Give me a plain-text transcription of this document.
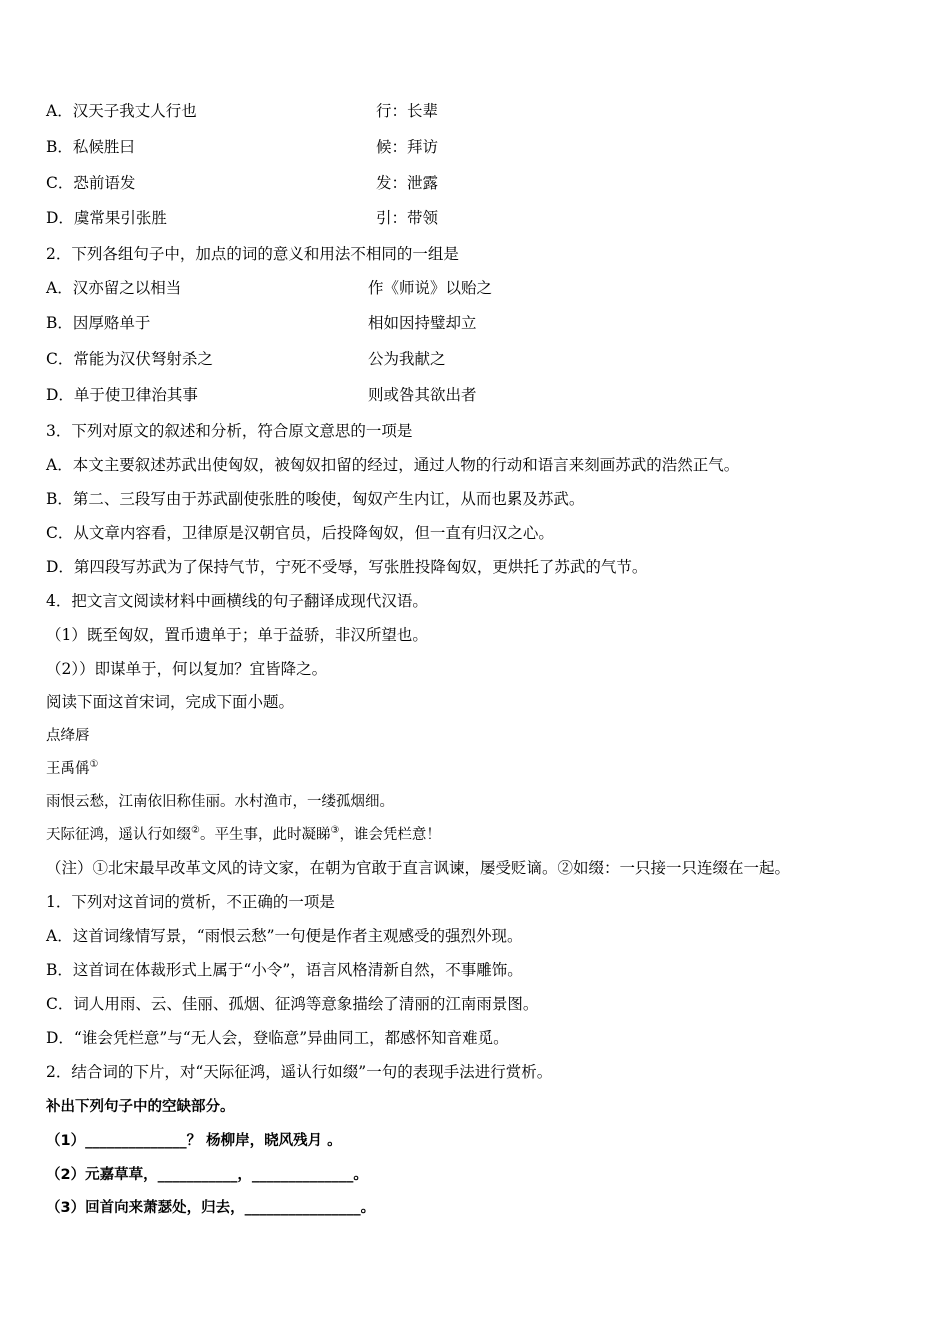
A．汉天子我丈人行也	行：长辈
B．私候胜曰	候：拜访
C．恐前语发	发：泄露
D．虞常果引张胜	引：带领
2．下列各组句子中，加点的词的意义和用法不相同的一组是
A．汉亦留之以相当	作《师说》以贻之
B．因厚赂单于	相如因持璧却立
C．常能为汉伏弩射杀之	公为我献之
D．单于使卫律治其事	则或咎其欲出者
3．下列对原文的叙述和分析，符合原文意思的一项是
A．本文主要叙述苏武出使匈奴，被匈奴扣留的经过，通过人物的行动和语言来刻画苏武的浩然正气。
B．第二、三段写由于苏武副使张胜的唆使，匈奴产生内讧，从而也累及苏武。
C．从文章内容看，卫律原是汉朝官员，后投降匈奴，但一直有归汉之心。
D．第四段写苏武为了保持气节，宁死不受辱，写张胜投降匈奴，更烘托了苏武的气节。
4．把文言文阅读材料中画横线的句子翻译成现代汉语。
（1）既至匈奴，置币遗单于；单于益骄，非汉所望也。
（2））即谋单于，何以复加？宜皆降之。
阅读下面这首宋词，完成下面小题。
点绛唇
王禹偁①
雨恨云愁，江南依旧称佳丽。水村渔市，一缕孤烟细。
天际征鸿，遥认行如缀②。平生事，此时凝睇③，谁会凭栏意！
（注）①北宋最早改革文风的诗文家，在朝为官敢于直言讽谏，屡受贬谪。②如缀：一只接一只连缀在一起。
1．下列对这首词的赏析，不正确的一项是
A．这首词缘情写景，“雨恨云愁”一句便是作者主观感受的强烈外现。
B．这首词在体裁形式上属于“小令”，语言风格清新自然，不事雕饰。
C．词人用雨、云、佳丽、孤烟、征鸿等意象描绘了清丽的江南雨景图。
D．“谁会凭栏意”与“无人会，登临意”异曲同工，都感怀知音难觅。
2．结合词的下片，对“天际征鸿，遥认行如缀”一句的表现手法进行赏析。
补出下列句子中的空缺部分。
（1）______________？ 杨柳岸，晓风残月 。
（2）元嘉草草，___________，______________。
（3）回首向来萧瑟处，归去，________________。
